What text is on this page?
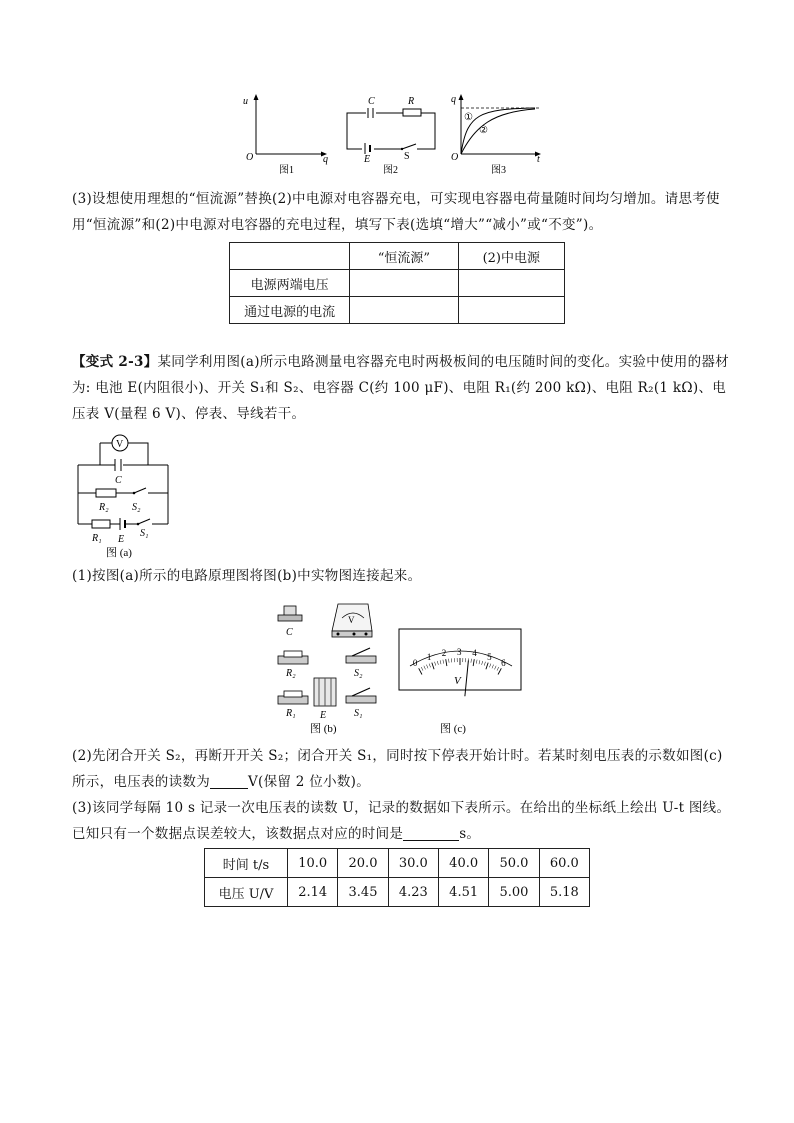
u
q
O
图1
C	R
E	S
图2
q
t
O
①
②
图3
(3)设想使用理想的“恒流源”替换(2)中电源对电容器充电，可实现电容器电荷量随时间均匀增加。请思考使用“恒流源”和(2)中电源对电容器的充电过程，填写下表(选填“增大”“减小”或“不变”)。
	“恒流源”	(2)中电源
电源两端电压		
通过电源的电流		
【变式 2-3】某同学利用图(a)所示电路测量电容器充电时两极板间的电压随时间的变化。实验中使用的器材为: 电池 E(内阻很小)、开关 S₁和 S₂、电容器 C(约 100 μF)、电阻 R₁(约 200 kΩ)、电阻 R₂(1 kΩ)、电压表 V(量程 6 V)、停表、导线若干。
V
C
R₂ S₂
R₁ E
S₁
图 (a)
(1)按图(a)所示的电路原理图将图(b)中实物图连接起来。
C
V
R₂	S₂
R₁ E	S₁
图 (b)
0
1 2 3 4 5
6
V
图 (c)
(2)先闭合开关 S₂，再断开开关 S₂；闭合开关 S₁，同时按下停表开始计时。若某时刻电压表的示数如图(c)所示，电压表的读数为	V(保留 2 位小数)。
(3)该同学每隔 10 s 记录一次电压表的读数 U，记录的数据如下表所示。在给出的坐标纸上绘出 U-t 图线。已知只有一个数据点误差较大，该数据点对应的时间是	s。
时间 t/s	10.0	20.0	30.0	40.0	50.0	60.0
电压 U/V	2.14	3.45	4.23	4.51	5.00	5.18
